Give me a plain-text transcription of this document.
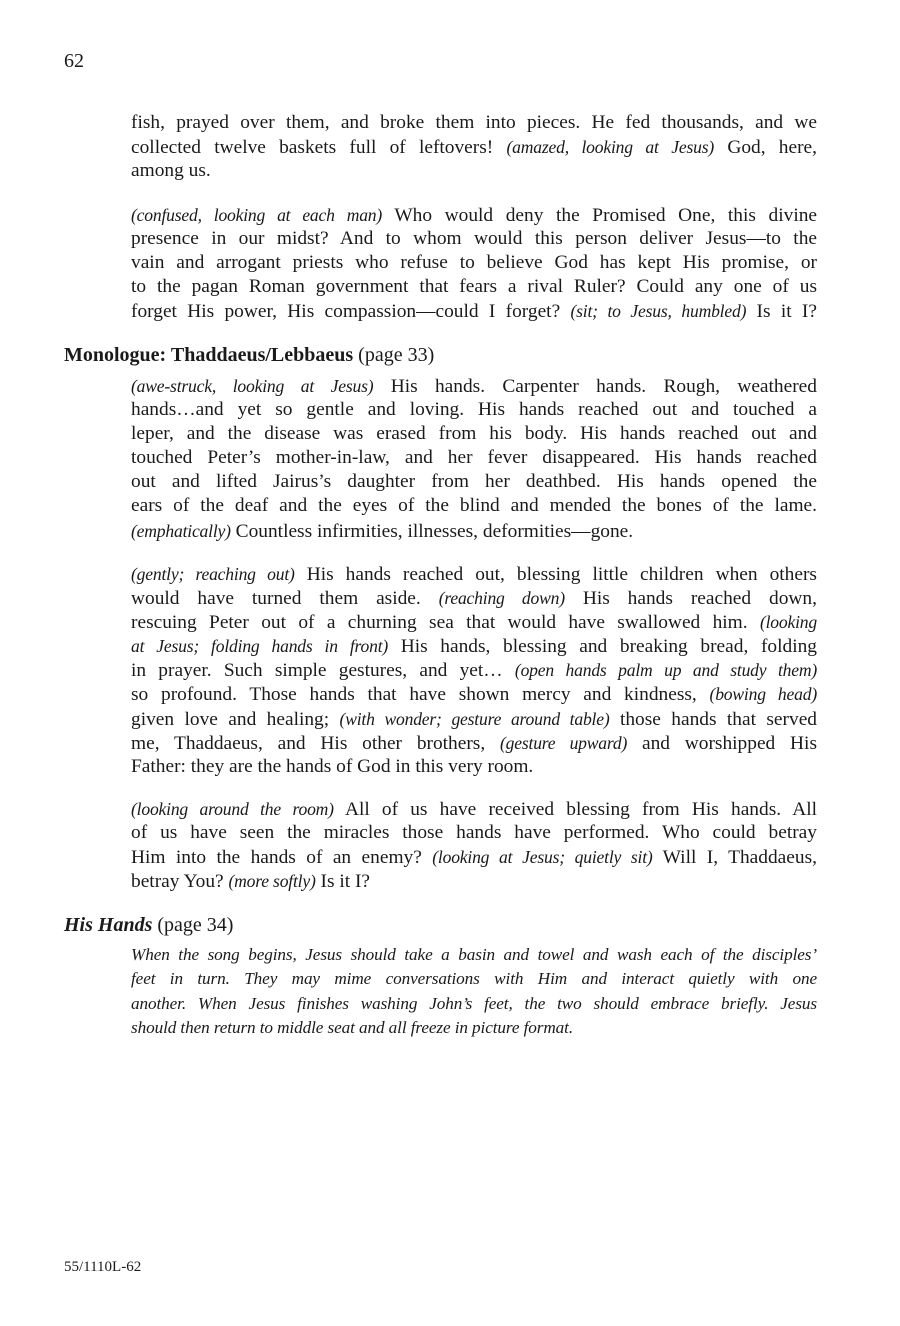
62
fish, prayed over them, and broke them into pieces. He fed thousands, and we
collected twelve baskets full of leftovers! (amazed, looking at Jesus) God, here,
among us.
(confused, looking at each man) Who would deny the Promised One, this divine
presence in our midst? And to whom would this person deliver Jesus—to the
vain and arrogant priests who refuse to believe God has kept His promise, or
to the pagan Roman government that fears a rival Ruler? Could any one of us
forget His power, His compassion—could I forget? (sit; to Jesus, humbled) Is it I?
Monologue: Thaddaeus/Lebbaeus (page 33)
(awe-struck, looking at Jesus) His hands. Carpenter hands. Rough, weathered
hands…and yet so gentle and loving. His hands reached out and touched a
leper, and the disease was erased from his body. His hands reached out and
touched Peter’s mother-in-law, and her fever disappeared. His hands reached
out and lifted Jairus’s daughter from her deathbed. His hands opened the
ears of the deaf and the eyes of the blind and mended the bones of the lame.
(emphatically) Countless infirmities, illnesses, deformities—gone.
(gently; reaching out) His hands reached out, blessing little children when others
would have turned them aside. (reaching down) His hands reached down,
rescuing Peter out of a churning sea that would have swallowed him. (looking
at Jesus; folding hands in front) His hands, blessing and breaking bread, folding
in prayer. Such simple gestures, and yet… (open hands palm up and study them)
so profound. Those hands that have shown mercy and kindness, (bowing head)
given love and healing; (with wonder; gesture around table) those hands that served
me, Thaddaeus, and His other brothers, (gesture upward) and worshipped His
Father: they are the hands of God in this very room.
(looking around the room) All of us have received blessing from His hands. All
of us have seen the miracles those hands have performed. Who could betray
Him into the hands of an enemy? (looking at Jesus; quietly sit) Will I, Thaddaeus,
betray You? (more softly) Is it I?
His Hands (page 34)
When the song begins, Jesus should take a basin and towel and wash each of the disciples’
feet in turn. They may mime conversations with Him and interact quietly with one
another. When Jesus finishes washing John’s feet, the two should embrace briefly. Jesus
should then return to middle seat and all freeze in picture format.
55/1110L-62
